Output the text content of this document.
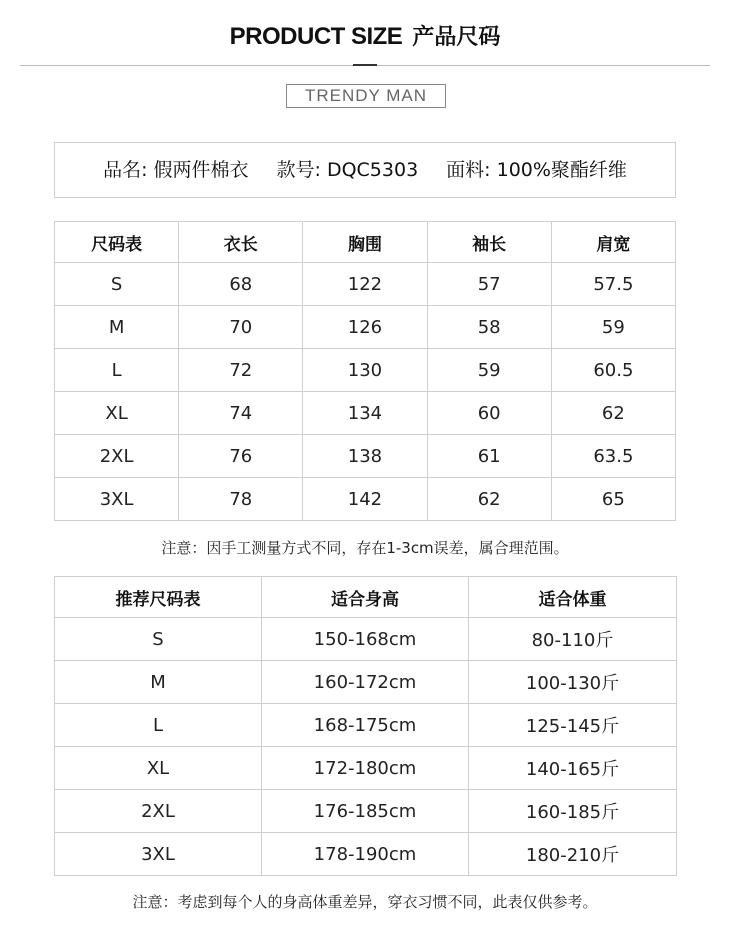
PRODUCT SIZE 产品尺码
TRENDY MAN
品名: 假两件棉衣 款号: DQC5303 面料: 100%聚酯纤维
尺码表	衣长	胸围	袖长	肩宽
S	68	122	57	57.5
M	70	126	58	59
L	72	130	59	60.5
XL	74	134	60	62
2XL	76	138	61	63.5
3XL	78	142	62	65
注意：因手工测量方式不同，存在1-3cm误差，属合理范围。
推荐尺码表	适合身高	适合体重
S	150-168cm	80-110斤
M	160-172cm	100-130斤
L	168-175cm	125-145斤
XL	172-180cm	140-165斤
2XL	176-185cm	160-185斤
3XL	178-190cm	180-210斤
注意：考虑到每个人的身高体重差异，穿衣习惯不同，此表仅供参考。
